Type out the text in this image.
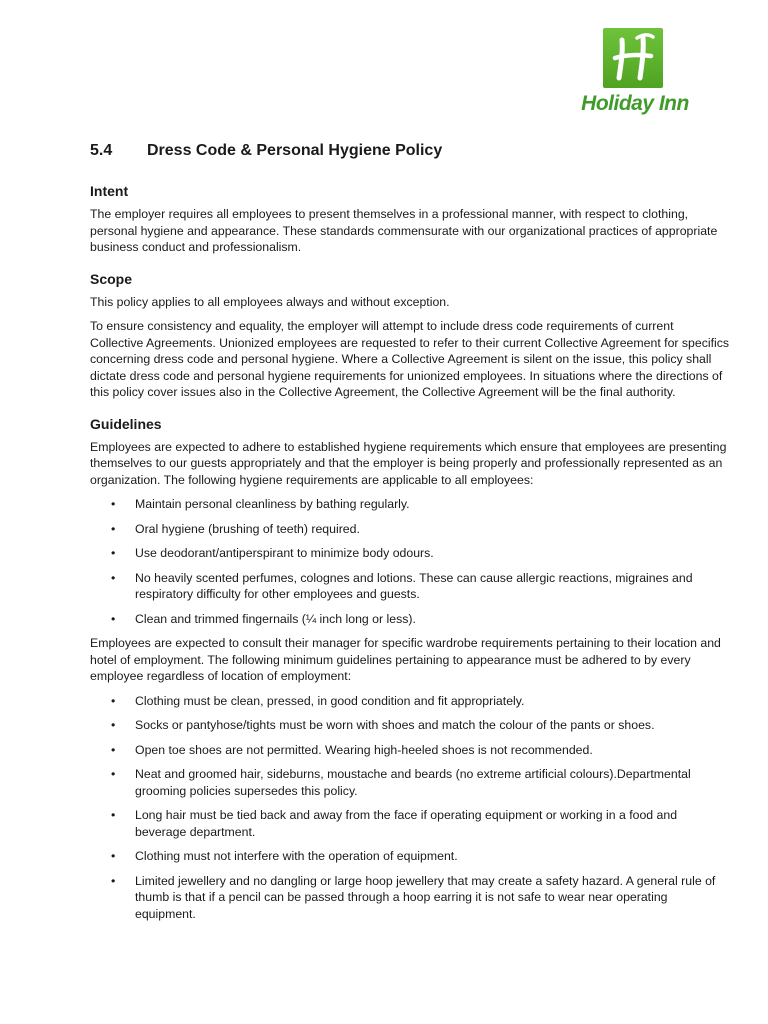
Holiday Inn
5.4 Dress Code & Personal Hygiene Policy
Intent

The employer requires all employees to present themselves in a professional manner, with respect to clothing, personal hygiene and appearance. These standards commensurate with our organizational practices of appropriate business conduct and professionalism.

Scope

This policy applies to all employees always and without exception.

To ensure consistency and equality, the employer will attempt to include dress code requirements of current Collective Agreements. Unionized employees are requested to refer to their current Collective Agreement for specifics concerning dress code and personal hygiene. Where a Collective Agreement is silent on the issue, this policy shall dictate dress code and personal hygiene requirements for unionized employees. In situations where the directions of this policy cover issues also in the Collective Agreement, the Collective Agreement will be the final authority.

Guidelines

Employees are expected to adhere to established hygiene requirements which ensure that employees are presenting themselves to our guests appropriately and that the employer is being properly and professionally represented as an organization. The following hygiene requirements are applicable to all employees:

• Maintain personal cleanliness by bathing regularly.
• Oral hygiene (brushing of teeth) required.
• Use deodorant/antiperspirant to minimize body odours.
• No heavily scented perfumes, colognes and lotions. These can cause allergic reactions, migraines and respiratory difficulty for other employees and guests.
• Clean and trimmed fingernails (¼ inch long or less).

Employees are expected to consult their manager for specific wardrobe requirements pertaining to their location and hotel of employment. The following minimum guidelines pertaining to appearance must be adhered to by every employee regardless of location of employment:

• Clothing must be clean, pressed, in good condition and fit appropriately.
• Socks or pantyhose/tights must be worn with shoes and match the colour of the pants or shoes.
• Open toe shoes are not permitted. Wearing high-heeled shoes is not recommended.
• Neat and groomed hair, sideburns, moustache and beards (no extreme artificial colours).Departmental grooming policies supersedes this policy.
• Long hair must be tied back and away from the face if operating equipment or working in a food and beverage department.
• Clothing must not interfere with the operation of equipment.
• Limited jewellery and no dangling or large hoop jewellery that may create a safety hazard. A general rule of thumb is that if a pencil can be passed through a hoop earring it is not safe to wear near operating equipment.
